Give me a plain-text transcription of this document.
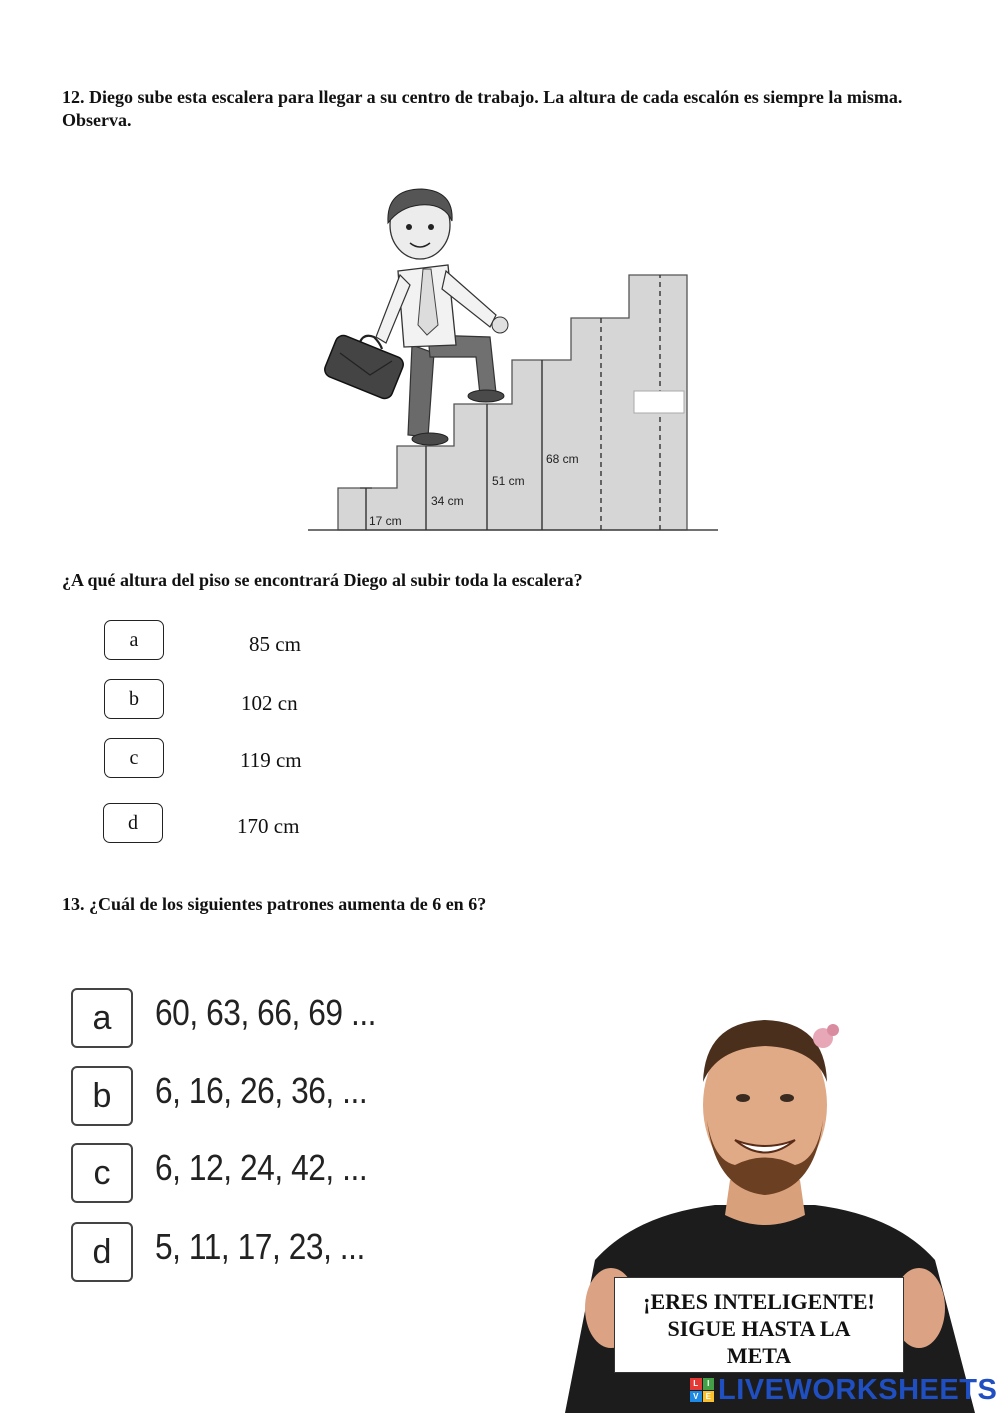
12. Diego sube esta escalera para llegar a su centro de trabajo. La altura de cada escalón es siempre la misma. Observa.
17 cm
34 cm
51 cm
68 cm
¿A qué altura del piso se encontrará Diego al subir toda la escalera?
a	85 cm
b	102 cn
c	119 cm
d	170 cm
13. ¿Cuál de los siguientes patrones aumenta de 6 en 6?
a	60, 63, 66, 69 ...
b	6, 16, 26, 36, ...
c	6, 12, 24, 42, ...
d	5, 11, 17, 23, ...
¡ERES INTELIGENTE!
SIGUE HASTA LA
META
L	I
V E LIVEWORKSHEETS
